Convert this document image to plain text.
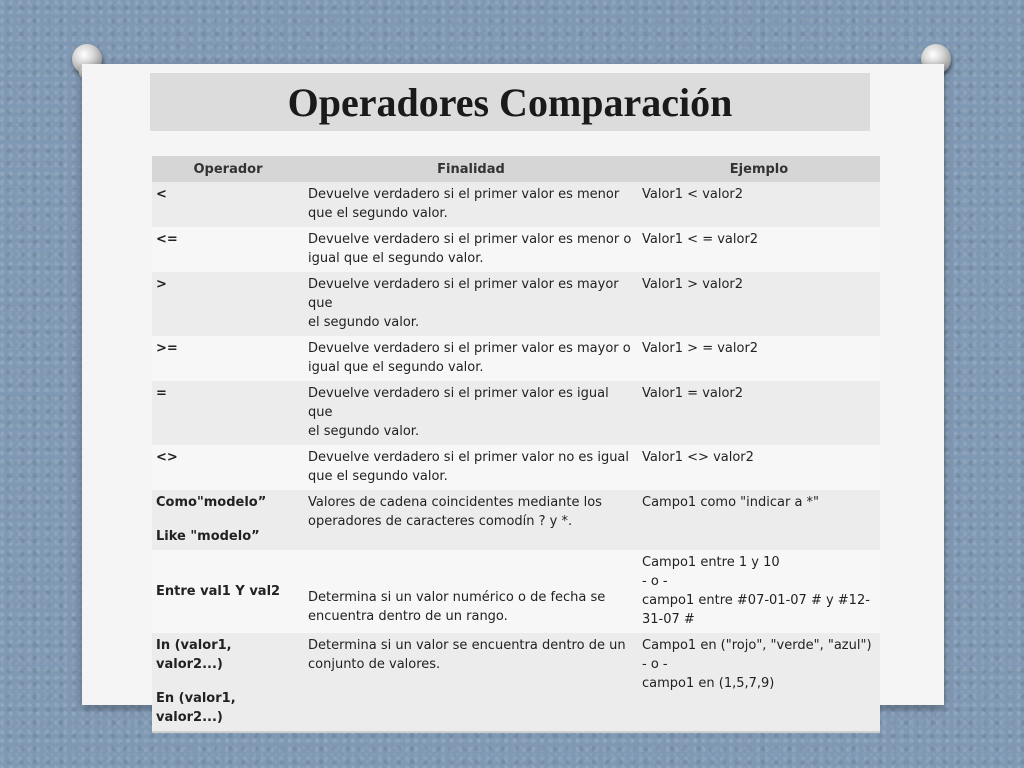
Operadores Comparación
Operador	Finalidad	Ejemplo

<	Devuelve verdadero si el primer valor es menor
que el segundo valor.	Valor1 < valor2

<=	Devuelve verdadero si el primer valor es menor o
igual que el segundo valor.	Valor1 < = valor2

>	Devuelve verdadero si el primer valor es mayor que
el segundo valor.	Valor1 > valor2

>=	Devuelve verdadero si el primer valor es mayor o
igual que el segundo valor.	Valor1 > = valor2

=	Devuelve verdadero si el primer valor es igual que
el segundo valor.	Valor1 = valor2

<>	Devuelve verdadero si el primer valor no es igual
que el segundo valor.	Valor1 <> valor2

Como"modelo”
Like "modelo”	Valores de cadena coincidentes mediante los
operadores de caracteres comodín ? y *.	Campo1 como "indicar a *"

Entre val1 Y val2	Determina si un valor numérico o de fecha se
encuentra dentro de un rango.	Campo1 entre 1 y 10
- o -
campo1 entre #07-01-07 # y #12-
31-07 #

In (valor1, valor2...)
En (valor1, valor2...)	Determina si un valor se encuentra dentro de un
conjunto de valores.	Campo1 en ("rojo", "verde", "azul")
- o -
campo1 en (1,5,7,9)
